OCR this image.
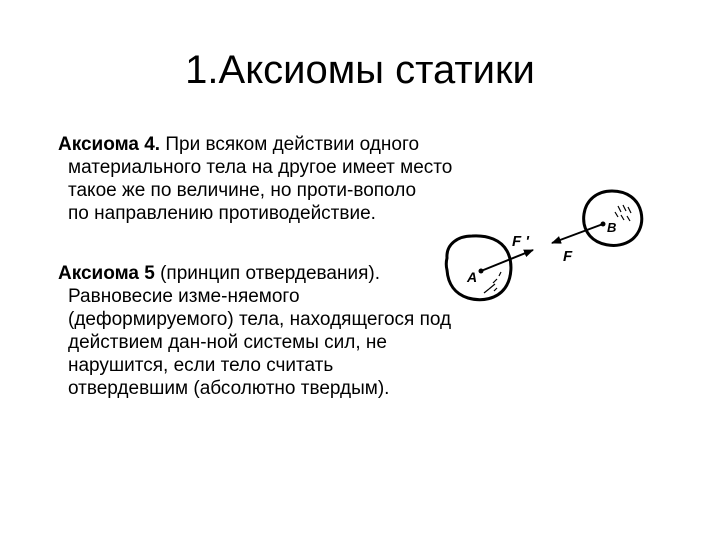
1.Аксиомы статики

Аксиома 4. При всяком действии одного
материального тела на другое имеет место
такое же по величине, но проти-вополо
по направлению противодействие.

Аксиома 5 (принцип отвердевания).
Равновесие изме-няемого
(деформируемого) тела, находящегося под
действием дан-ной системы сил, не
нарушится, если тело считать
отвердевшим (абсолютно твердым).

A
B
F '
F
